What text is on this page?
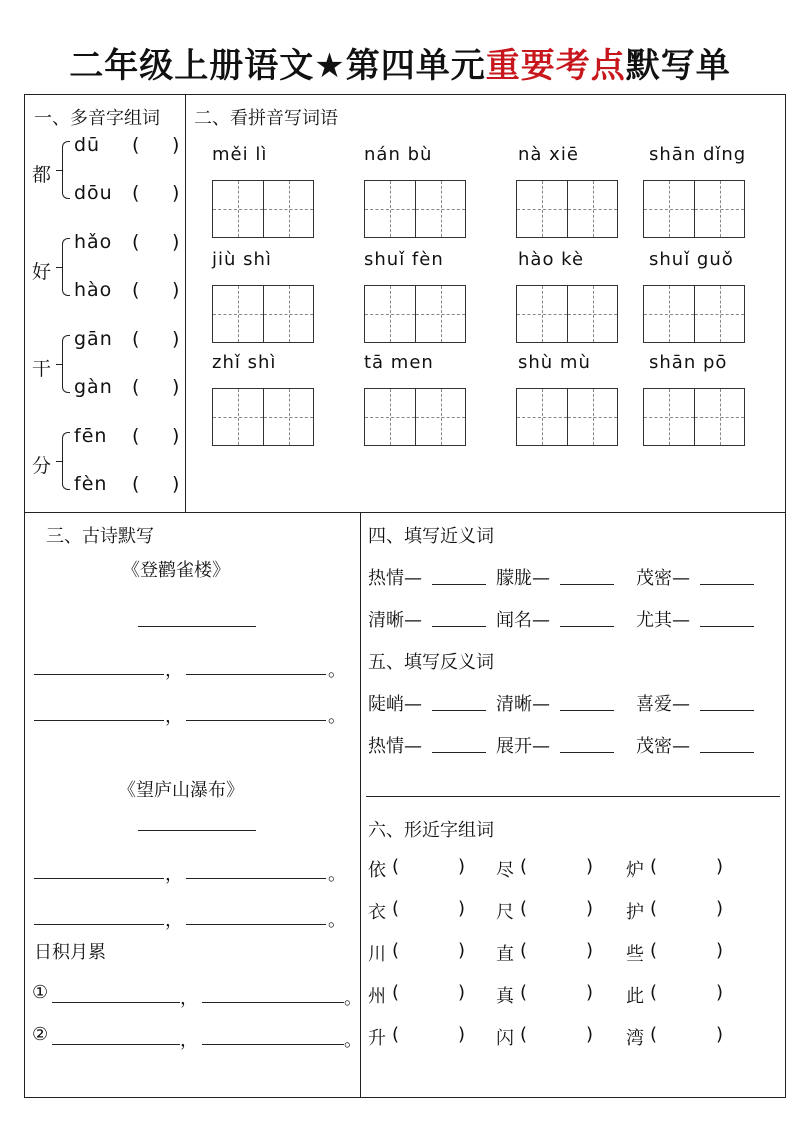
二年级上册语文★第四单元重要考点默写单
一、多音字组词
都
dū ( )
dōu ( )
好
hǎo ( )
hào ( )
干
gān ( )
gàn ( )
分
fēn ( )
fèn ( )
二、看拼音写词语
měi lì	nán bù	nà xiē	shān dǐng
jiù shì	shuǐ fèn	hào kè	shuǐ guǒ
zhǐ shì	tā men	shù mù	shān pō
三、古诗默写
《登鹳雀楼》
，	。
，	。
《望庐山瀑布》
，	。
，	。
日积月累
①	，	。
②	，	。
四、填写近义词
热情—	朦胧—	茂密—
清晰—	闻名—	尤其—
五、填写反义词
陡峭—	清晰—	喜爱—
热情—	展开—	茂密—
六、形近字组词
依 (	) 尽 (	) 炉 (	)
衣 (	) 尺 (	) 护 (	)
川 (	) 直 (	) 些 (	)
州 (	) 真 (	) 此 (	)
升 (	) 闪 (	) 湾 (	)
